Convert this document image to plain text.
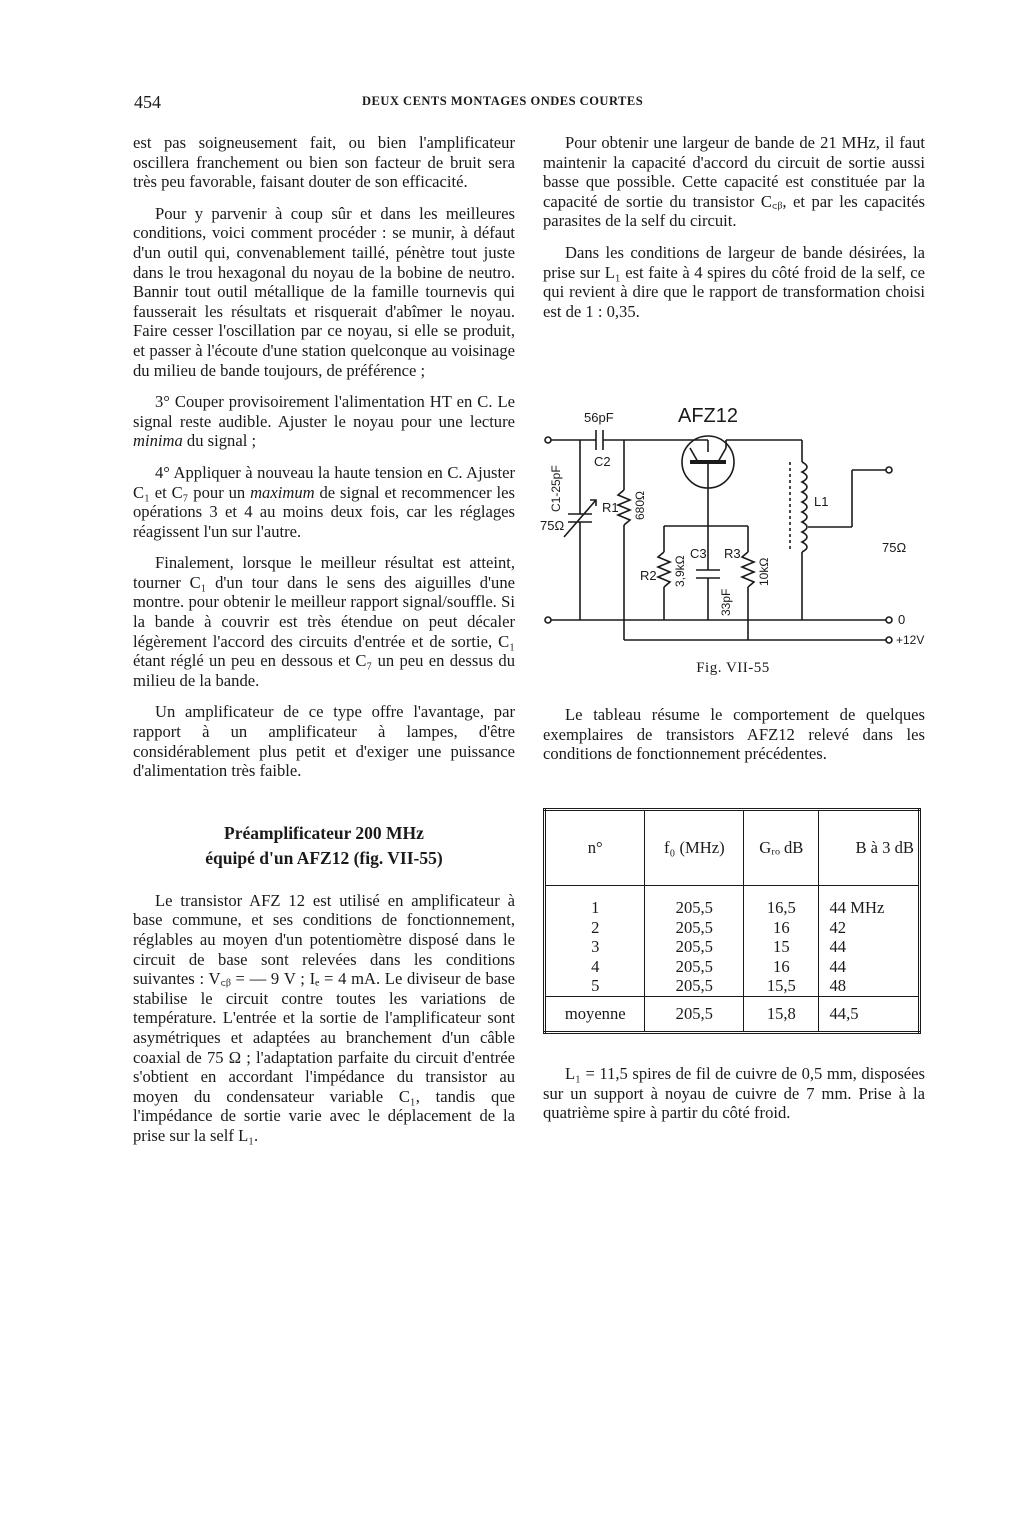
454	DEUX CENTS MONTAGES ONDES COURTES

est pas soigneusement fait, ou bien l'amplificateur oscillera franchement ou bien son facteur de bruit sera très peu favorable, faisant douter de son efficacité.

Pour y parvenir à coup sûr et dans les meilleures conditions, voici comment procéder : se munir, à défaut d'un outil qui, convenablement taillé, pénètre tout juste dans le trou hexagonal du noyau de la bobine de neutro. Bannir tout outil métallique de la famille tournevis qui fausserait les résultats et risquerait d'abîmer le noyau. Faire cesser l'oscillation par ce noyau, si elle se produit, et passer à l'écoute d'une station quelconque au voisinage du milieu de bande toujours, de préférence ;

3° Couper provisoirement l'alimentation HT en C. Le signal reste audible. Ajuster le noyau pour une lecture minima du signal ;

4° Appliquer à nouveau la haute tension en C. Ajuster C₁ et C₇ pour un maximum de signal et recommencer les opérations 3 et 4 au moins deux fois, car les réglages réagissent l'un sur l'autre.

Finalement, lorsque le meilleur résultat est atteint, tourner C₁ d'un tour dans le sens des aiguilles d'une montre. pour obtenir le meilleur rapport signal/souffle. Si la bande à couvrir est très étendue on peut décaler légèrement l'accord des circuits d'entrée et de sortie, C₁ étant réglé un peu en dessous et C₇ un peu en dessus du milieu de la bande.

Un amplificateur de ce type offre l'avantage, par rapport à un amplificateur à lampes, d'être considérablement plus petit et d'exiger une puissance d'alimentation très faible.

Préamplificateur 200 MHz
équipé d'un AFZ12 (fig. VII-55)

Le transistor AFZ 12 est utilisé en amplificateur à base commune, et ses conditions de fonctionnement, réglables au moyen d'un potentiomètre disposé dans le circuit de base sont relevées dans les conditions suivantes : V꜀ᵦ = — 9 V ; Iₑ = 4 mA. Le diviseur de base stabilise le circuit contre toutes les variations de température. L'entrée et la sortie de l'amplificateur sont asymétriques et adaptées au branchement d'un câble coaxial de 75 Ω ; l'adaptation parfaite du circuit d'entrée s'obtient en accordant l'impédance du transistor au moyen du condensateur variable C₁, tandis que l'impédance de sortie varie avec le déplacement de la prise sur la self L₁.

Pour obtenir une largeur de bande de 21 MHz, il faut maintenir la capacité d'accord du circuit de sortie aussi basse que possible. Cette capacité est constituée par la capacité de sortie du transistor C꜀ᵦ, et par les capacités parasites de la self du circuit.

Dans les conditions de largeur de bande désirées, la prise sur L₁ est faite à 4 spires du côté froid de la self, ce qui revient à dire que le rapport de transformation choisi est de 1 : 0,35.

56pF
C2
AFZ12
C1-25pF
75Ω
R1 680Ω
R2 3,9kΩ
C3
33pF
R3
10kΩ
L1
75Ω
0
+12V
Fig. VII-55

Le tableau résume le comportement de quelques exemplaires de transistors AFZ12 relevé dans les conditions de fonctionnement précédentes.

n°	f₀ (MHz)	Gᵣₒ dB	B à 3 dB

1	205,5	16,5	44 MHz
2	205,5	16	42
3	205,5	15	44
4	205,5	16	44
5	205,5	15,5	48
moyenne	205,5	15,8	44,5

L₁ = 11,5 spires de fil de cuivre de 0,5 mm, disposées sur un support à noyau de cuivre de 7 mm. Prise à la quatrième spire à partir du côté froid.
